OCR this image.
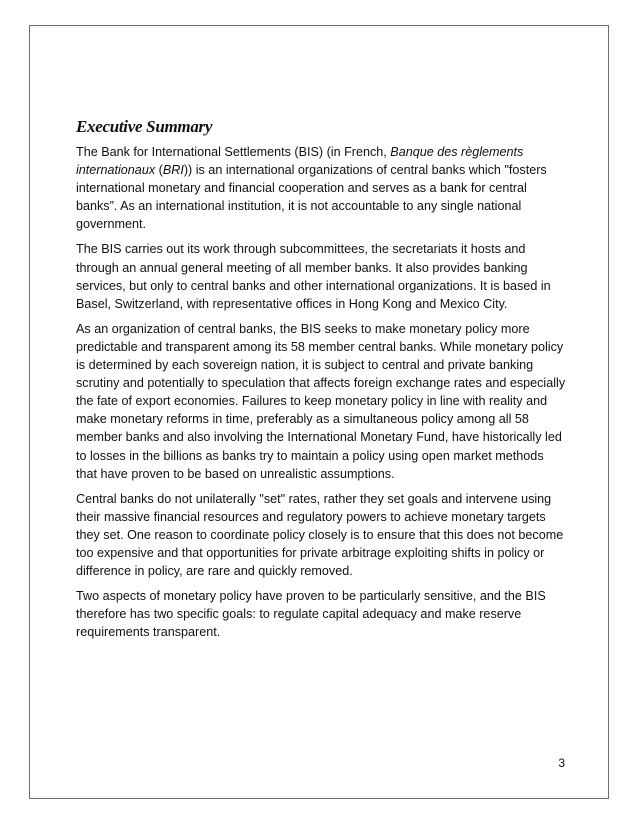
Executive Summary

The Bank for International Settlements (BIS) (in French, Banque des règlements internationaux (BRI)) is an international organizations of central banks which "fosters international monetary and financial cooperation and serves as a bank for central banks”. As an international institution, it is not accountable to any single national government.

The BIS carries out its work through subcommittees, the secretariats it hosts and through an annual general meeting of all member banks. It also provides banking services, but only to central banks and other international organizations. It is based in Basel, Switzerland, with representative offices in Hong Kong and Mexico City.

As an organization of central banks, the BIS seeks to make monetary policy more predictable and transparent among its 58 member central banks. While monetary policy is determined by each sovereign nation, it is subject to central and private banking scrutiny and potentially to speculation that affects foreign exchange rates and especially the fate of export economies. Failures to keep monetary policy in line with reality and make monetary reforms in time, preferably as a simultaneous policy among all 58 member banks and also involving the International Monetary Fund, have historically led to losses in the billions as banks try to maintain a policy using open market methods that have proven to be based on unrealistic assumptions.

Central banks do not unilaterally "set" rates, rather they set goals and intervene using their massive financial resources and regulatory powers to achieve monetary targets they set. One reason to coordinate policy closely is to ensure that this does not become too expensive and that opportunities for private arbitrage exploiting shifts in policy or difference in policy, are rare and quickly removed.

Two aspects of monetary policy have proven to be particularly sensitive, and the BIS therefore has two specific goals: to regulate capital adequacy and make reserve requirements transparent.

3
